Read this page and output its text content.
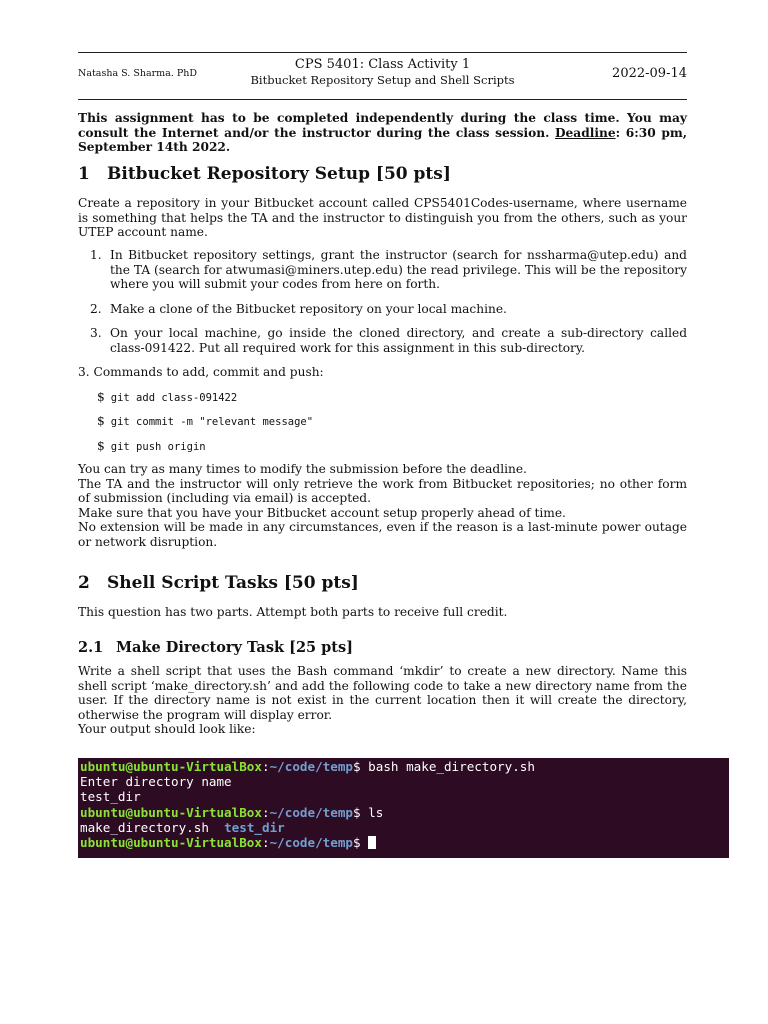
Natasha S. Sharma. PhD
CPS 5401: Class Activity 1
Bitbucket Repository Setup and Shell Scripts	2022-09-14
This assignment has to be completed independently during the class time. You may consult the Internet and/or the instructor during the class session. Deadline: 6:30 pm, September 14th 2022.
1 Bitbucket Repository Setup [50 pts]
Create a repository in your Bitbucket account called CPS5401Codes-username, where username is something that helps the TA and the instructor to distinguish you from the others, such as your UTEP account name.
1. In Bitbucket repository settings, grant the instructor (search for nssharma@utep.edu) and the TA (search for atwumasi@miners.utep.edu) the read privilege. This will be the repository where you will submit your codes from here on forth.
2. Make a clone of the Bitbucket repository on your local machine.
3. On your local machine, go inside the cloned directory, and create a sub-directory called class-091422. Put all required work for this assignment in this sub-directory.
3. Commands to add, commit and push:
$ git add class-091422
$ git commit -m "relevant message"
$ git push origin
You can try as many times to modify the submission before the deadline.
The TA and the instructor will only retrieve the work from Bitbucket repositories; no other form of submission (including via email) is accepted.
Make sure that you have your Bitbucket account setup properly ahead of time.
No extension will be made in any circumstances, even if the reason is a last-minute power outage or network disruption.
2 Shell Script Tasks [50 pts]
This question has two parts. Attempt both parts to receive full credit.
2.1 Make Directory Task [25 pts]
Write a shell script that uses the Bash command ‘mkdir’ to create a new directory. Name this shell script ‘make_directory.sh’ and add the following code to take a new directory name from the user. If the directory name is not exist in the current location then it will create the directory, otherwise the program will display error.
Your output should look like:
ubuntu@ubuntu-VirtualBox:~/code/temp$ bash make_directory.sh
Enter directory name
test_dir
ubuntu@ubuntu-VirtualBox:~/code/temp$ ls
make_directory.sh test_dir
ubuntu@ubuntu-VirtualBox:~/code/temp$
